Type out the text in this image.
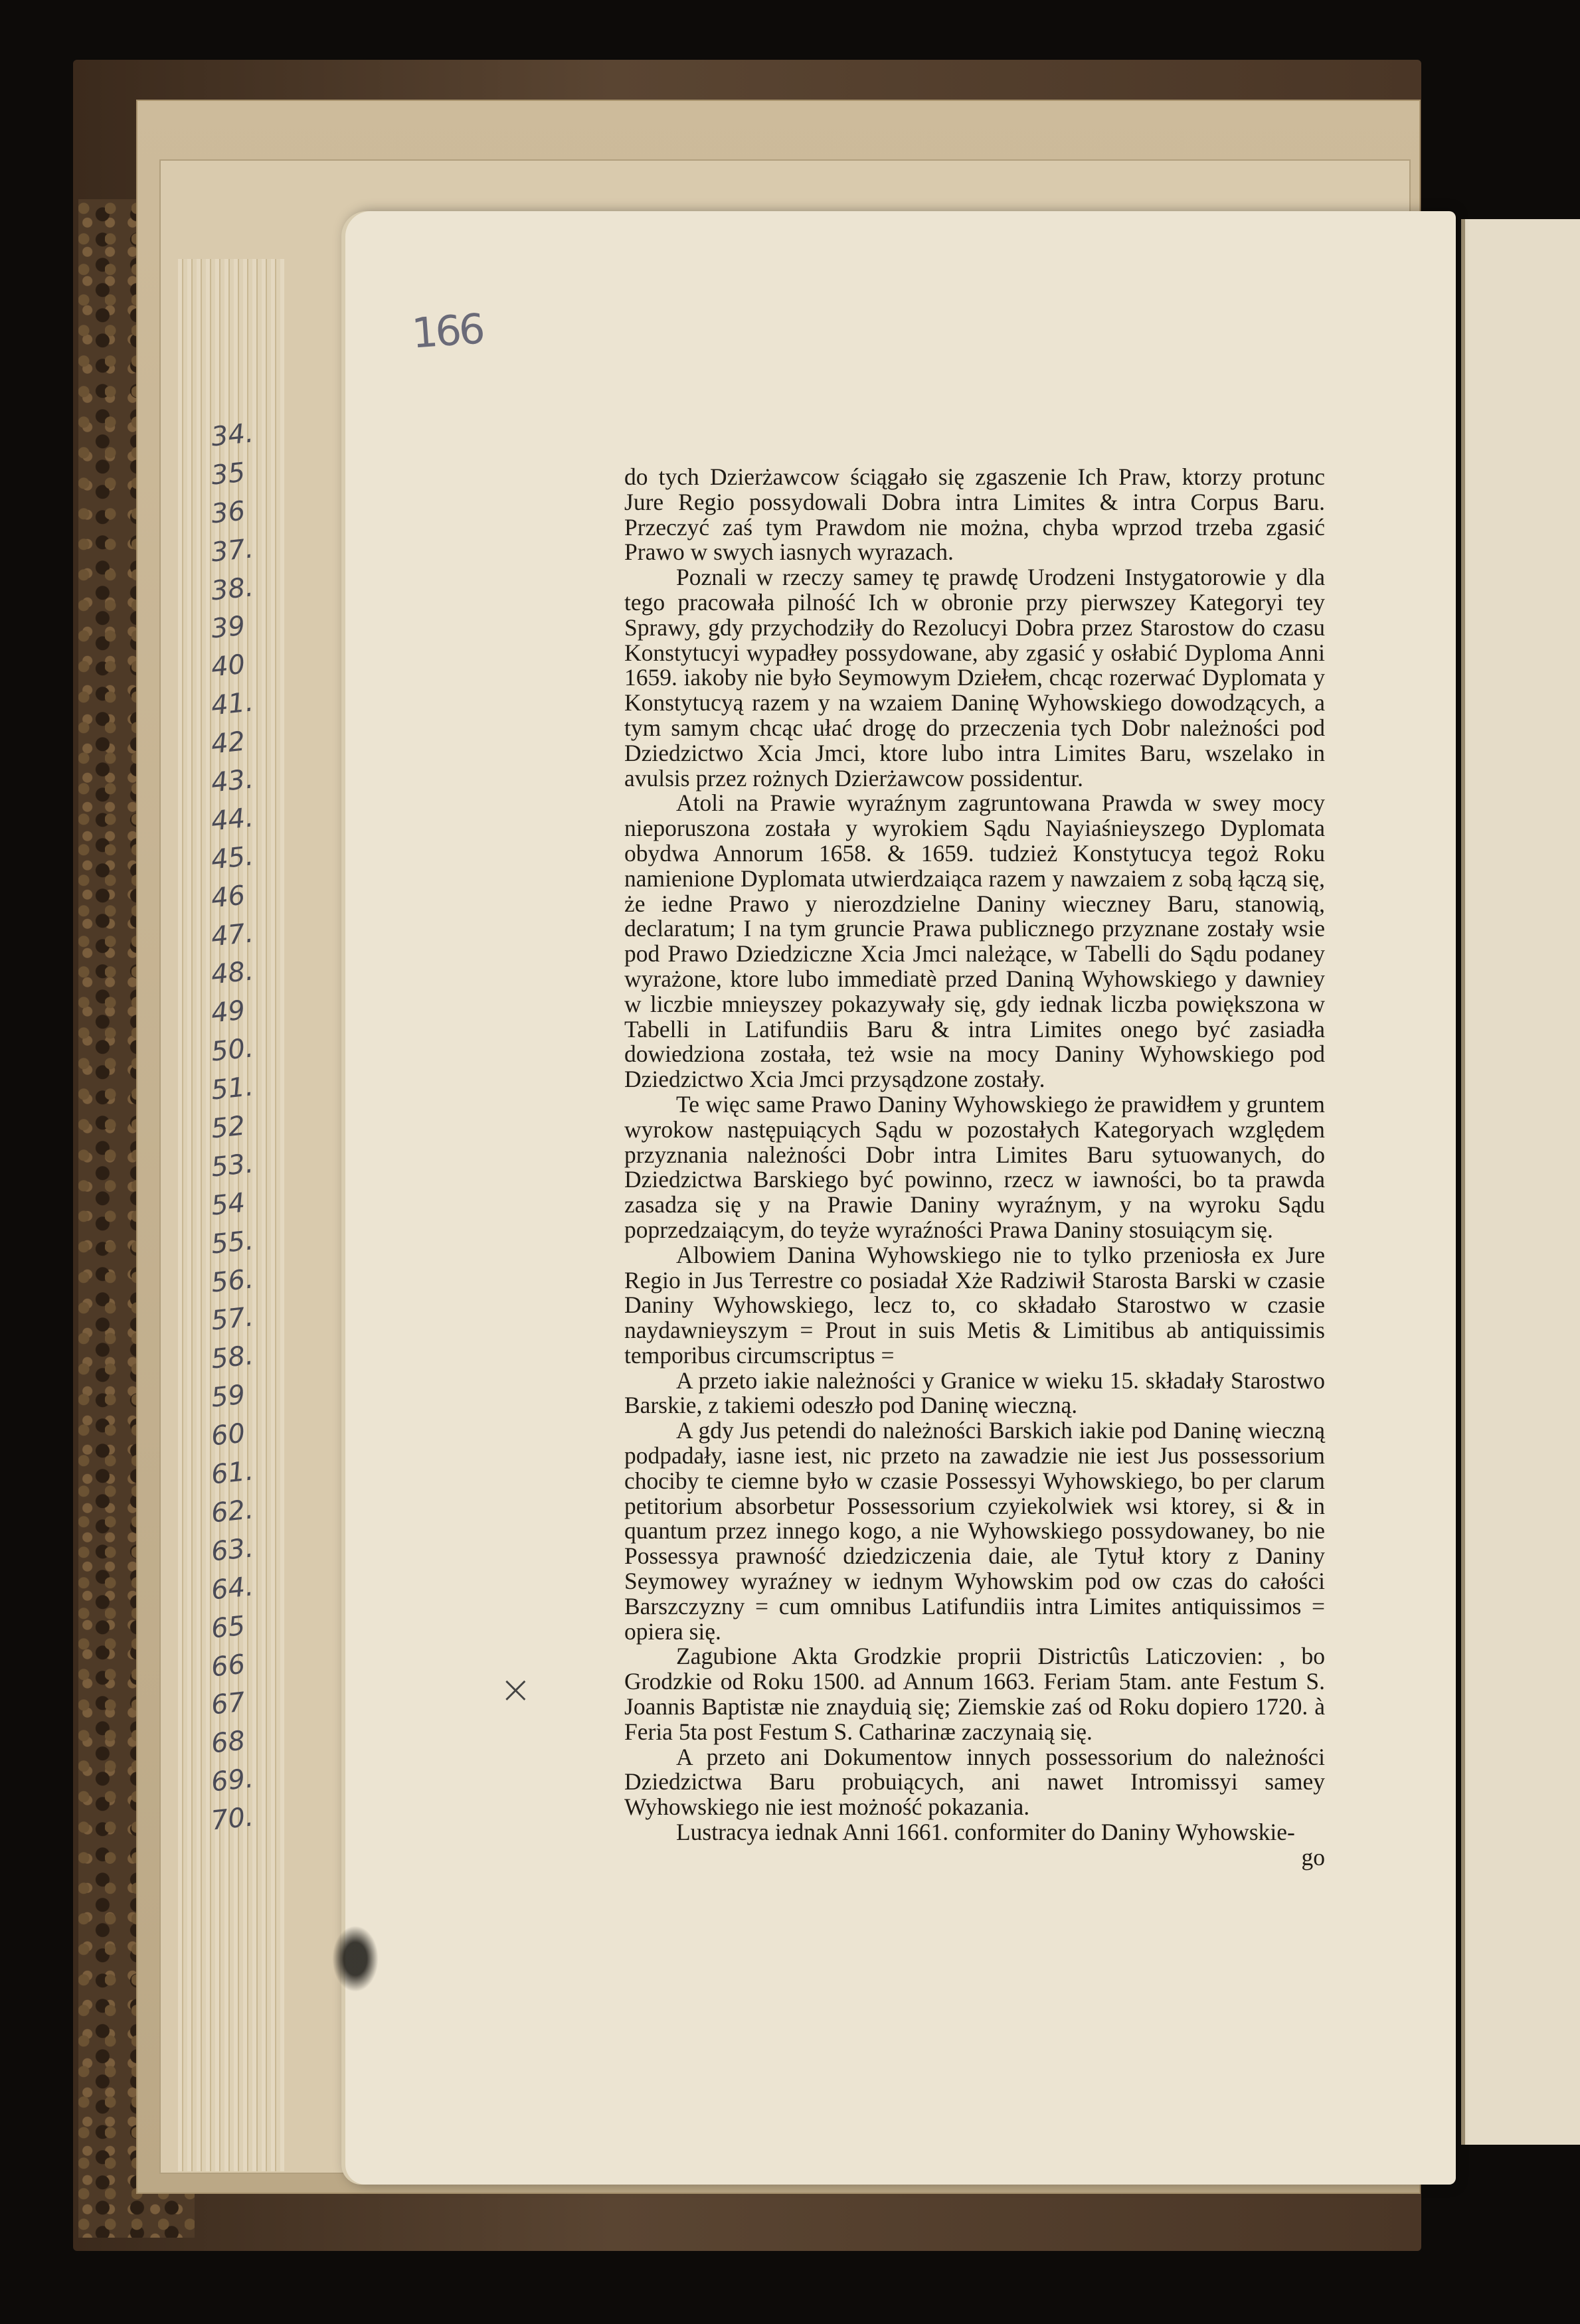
166
34.
35
36
37.
38.
39
40
41.
42
43.
44.
45.
46
47.
48.
49
50.
51.
52
53.
54
55.
56.
57.
58.
59
60
61.
62.
63.
64.
65
66
67
68
69.
70.
×

do tych Dzierżawcow ściągało się zgaszenie Ich Praw, ktorzy protunc Jure Regio possydowali Dobra intra Limites & intra Corpus Baru. Przeczyć zaś tym Prawdom nie można, chyba wprzod trzeba zgasić Prawo w swych iasnych wyrazach.

Poznali w rzeczy samey tę prawdę Urodzeni Instygatorowie y dla tego pracowała pilność Ich w obronie przy pierwszey Kategoryi tey Sprawy, gdy przychodziły do Rezolucyi Dobra przez Starostow do czasu Konstytucyi wypadłey possydowane, aby zgasić y osłabić Dyploma Anni 1659. iakoby nie było Seymowym Dziełem, chcąc rozerwać Dyplomata y Konstytucyą razem y na wzaiem Daninę Wyhowskiego dowodzących, a tym samym chcąc ułać drogę do przeczenia tych Dobr należności pod Dziedzictwo Xcia Jmci, ktore lubo intra Limites Baru, wszelako in avulsis przez rożnych Dzierżawcow possidentur.

Atoli na Prawie wyraźnym zagruntowana Prawda w swey mocy nieporuszona została y wyrokiem Sądu Nayiaśnieyszego Dyplomata obydwa Annorum 1658. & 1659. tudzież Konstytucya tegoż Roku namienione Dyplomata utwierdzaiąca razem y nawzaiem z sobą łączą się, że iedne Prawo y nierozdzielne Daniny wieczney Baru, stanowią, declaratum; I na tym gruncie Prawa publicznego przyznane zostały wsie pod Prawo Dziedziczne Xcia Jmci należące, w Tabelli do Sądu podaney wyrażone, ktore lubo immediatè przed Daniną Wyhowskiego y dawniey w liczbie mnieyszey pokazywały się, gdy iednak liczba powiększona w Tabelli in Latifundiis Baru & intra Limites onego być zasiadła dowiedziona została, też wsie na mocy Daniny Wyhowskiego pod Dziedzictwo Xcia Jmci przysądzone zostały.

Te więc same Prawo Daniny Wyhowskiego że prawidłem y gruntem wyrokow następuiących Sądu w pozostałych Kategoryach względem przyznania należności Dobr intra Limites Baru sytuowanych, do Dziedzictwa Barskiego być powinno, rzecz w iawności, bo ta prawda zasadza się y na Prawie Daniny wyraźnym, y na wyroku Sądu poprzedzaiącym, do teyże wyraźności Prawa Daniny stosuiącym się.

Albowiem Danina Wyhowskiego nie to tylko przeniosła ex Jure Regio in Jus Terrestre co posiadał Xże Radziwił Starosta Barski w czasie Daniny Wyhowskiego, lecz to, co składało Starostwo w czasie naydawnieyszym = Prout in suis Metis & Limitibus ab antiquissimis temporibus circumscriptus =

A przeto iakie należności y Granice w wieku 15. składały Starostwo Barskie, z takiemi odeszło pod Daninę wieczną.

A gdy Jus petendi do należności Barskich iakie pod Daninę wieczną podpadały, iasne iest, nic przeto na zawadzie nie iest Jus possessorium chociby te ciemne było w czasie Possessyi Wyhowskiego, bo per clarum petitorium absorbetur Possessorium czyiekolwiek wsi ktorey, si & in quantum przez innego kogo, a nie Wyhowskiego possydowaney, bo nie Possessya prawność dziedziczenia daie, ale Tytuł ktory z Daniny Seymowey wyraźney w iednym Wyhowskim pod ow czas do całości Barszczyzny = cum omnibus Latifundiis intra Limites antiquissimos = opiera się.

Zagubione Akta Grodzkie proprii Districtûs Laticzovien: , bo Grodzkie od Roku 1500. ad Annum 1663. Feriam 5tam. ante Festum S. Joannis Baptistæ nie znayduią się; Ziemskie zaś od Roku dopiero 1720. à Feria 5ta post Festum S. Catharinæ zaczynaią się.

A przeto ani Dokumentow innych possessorium do należności Dziedzictwa Baru probuiących, ani nawet Intromissyi samey Wyhowskiego nie iest możność pokazania.

Lustracya iednak Anni 1661. conformiter do Daniny Wyhowskie-

go
